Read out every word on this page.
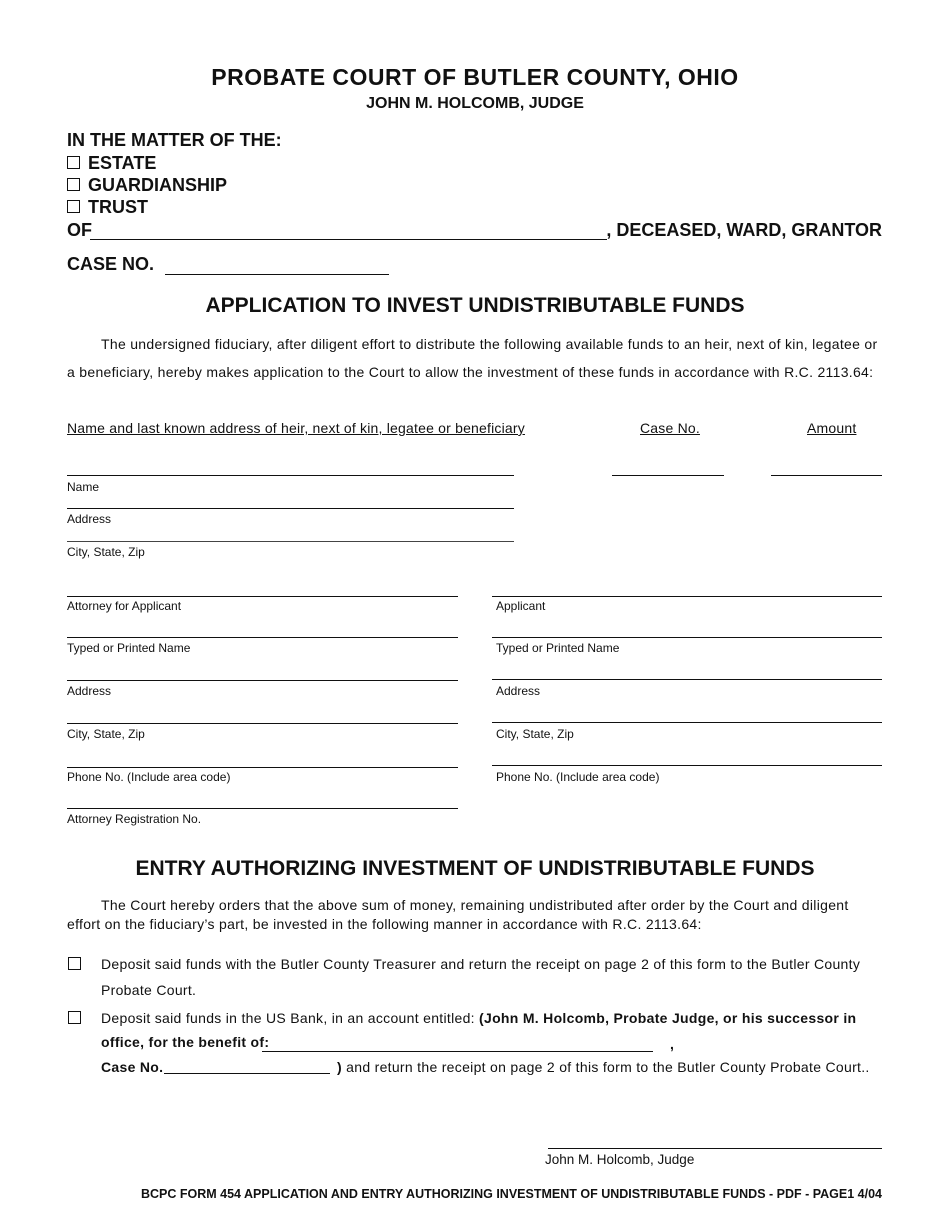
PROBATE COURT OF BUTLER COUNTY, OHIO
JOHN M. HOLCOMB, JUDGE
IN THE MATTER OF THE:
ESTATE
GUARDIANSHIP
TRUST
OF	, DECEASED, WARD, GRANTOR
CASE NO.
APPLICATION TO INVEST UNDISTRIBUTABLE FUNDS
The undersigned fiduciary, after diligent effort to distribute the following available funds to an heir, next of kin, legatee or a beneficiary, hereby makes application to the Court to allow the investment of these funds in accordance with R.C. 2113.64:
Name and last known address of heir, next of kin, legatee or beneficiary	Case No.	Amount
Name
Address
City, State, Zip
Attorney for Applicant
Typed or Printed Name
Address
City, State, Zip
Phone No. (Include area code)
Attorney Registration No.
Applicant
Typed or Printed Name
Address
City, State, Zip
Phone No. (Include area code)
ENTRY AUTHORIZING INVESTMENT OF UNDISTRIBUTABLE FUNDS
The Court hereby orders that the above sum of money, remaining undistributed after order by the Court and diligent effort on the fiduciary’s part, be invested in the following manner in accordance with R.C. 2113.64:
Deposit said funds with the Butler County Treasurer and return the receipt on page 2 of this form to the Butler County
Probate Court.
Deposit said funds in the US Bank, in an account entitled: (John M. Holcomb, Probate Judge, or his successor in
office, for the benefit of:	,
Case No.	) and return the receipt on page 2 of this form to the Butler County Probate Court..
John M. Holcomb, Judge
BCPC FORM 454 APPLICATION AND ENTRY AUTHORIZING INVESTMENT OF UNDISTRIBUTABLE FUNDS - PDF - PAGE1 4/04
